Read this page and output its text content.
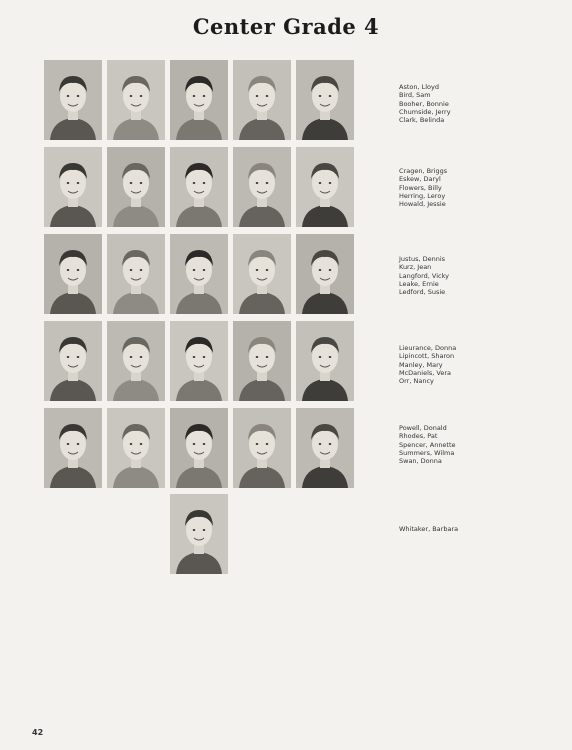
Center Grade 4
Aston, Lloyd
Bird, Sam
Booher, Bonnie
Chumside, Jerry
Clark, Belinda
Cragen, Briggs
Eskew, Daryl
Flowers, Billy
Herring, Leroy
Howald, Jessie
Justus, Dennis
Kurz, Jean
Langford, Vicky
Leake, Ernie
Ledford, Susie
Lieurance, Donna
Lipincott, Sharon
Manley, Mary
McDaniels, Vera
Orr, Nancy
Powell, Donald
Rhodes, Pat
Spencer, Annette
Summers, Wilma
Swan, Donna
Whitaker, Barbara
42
